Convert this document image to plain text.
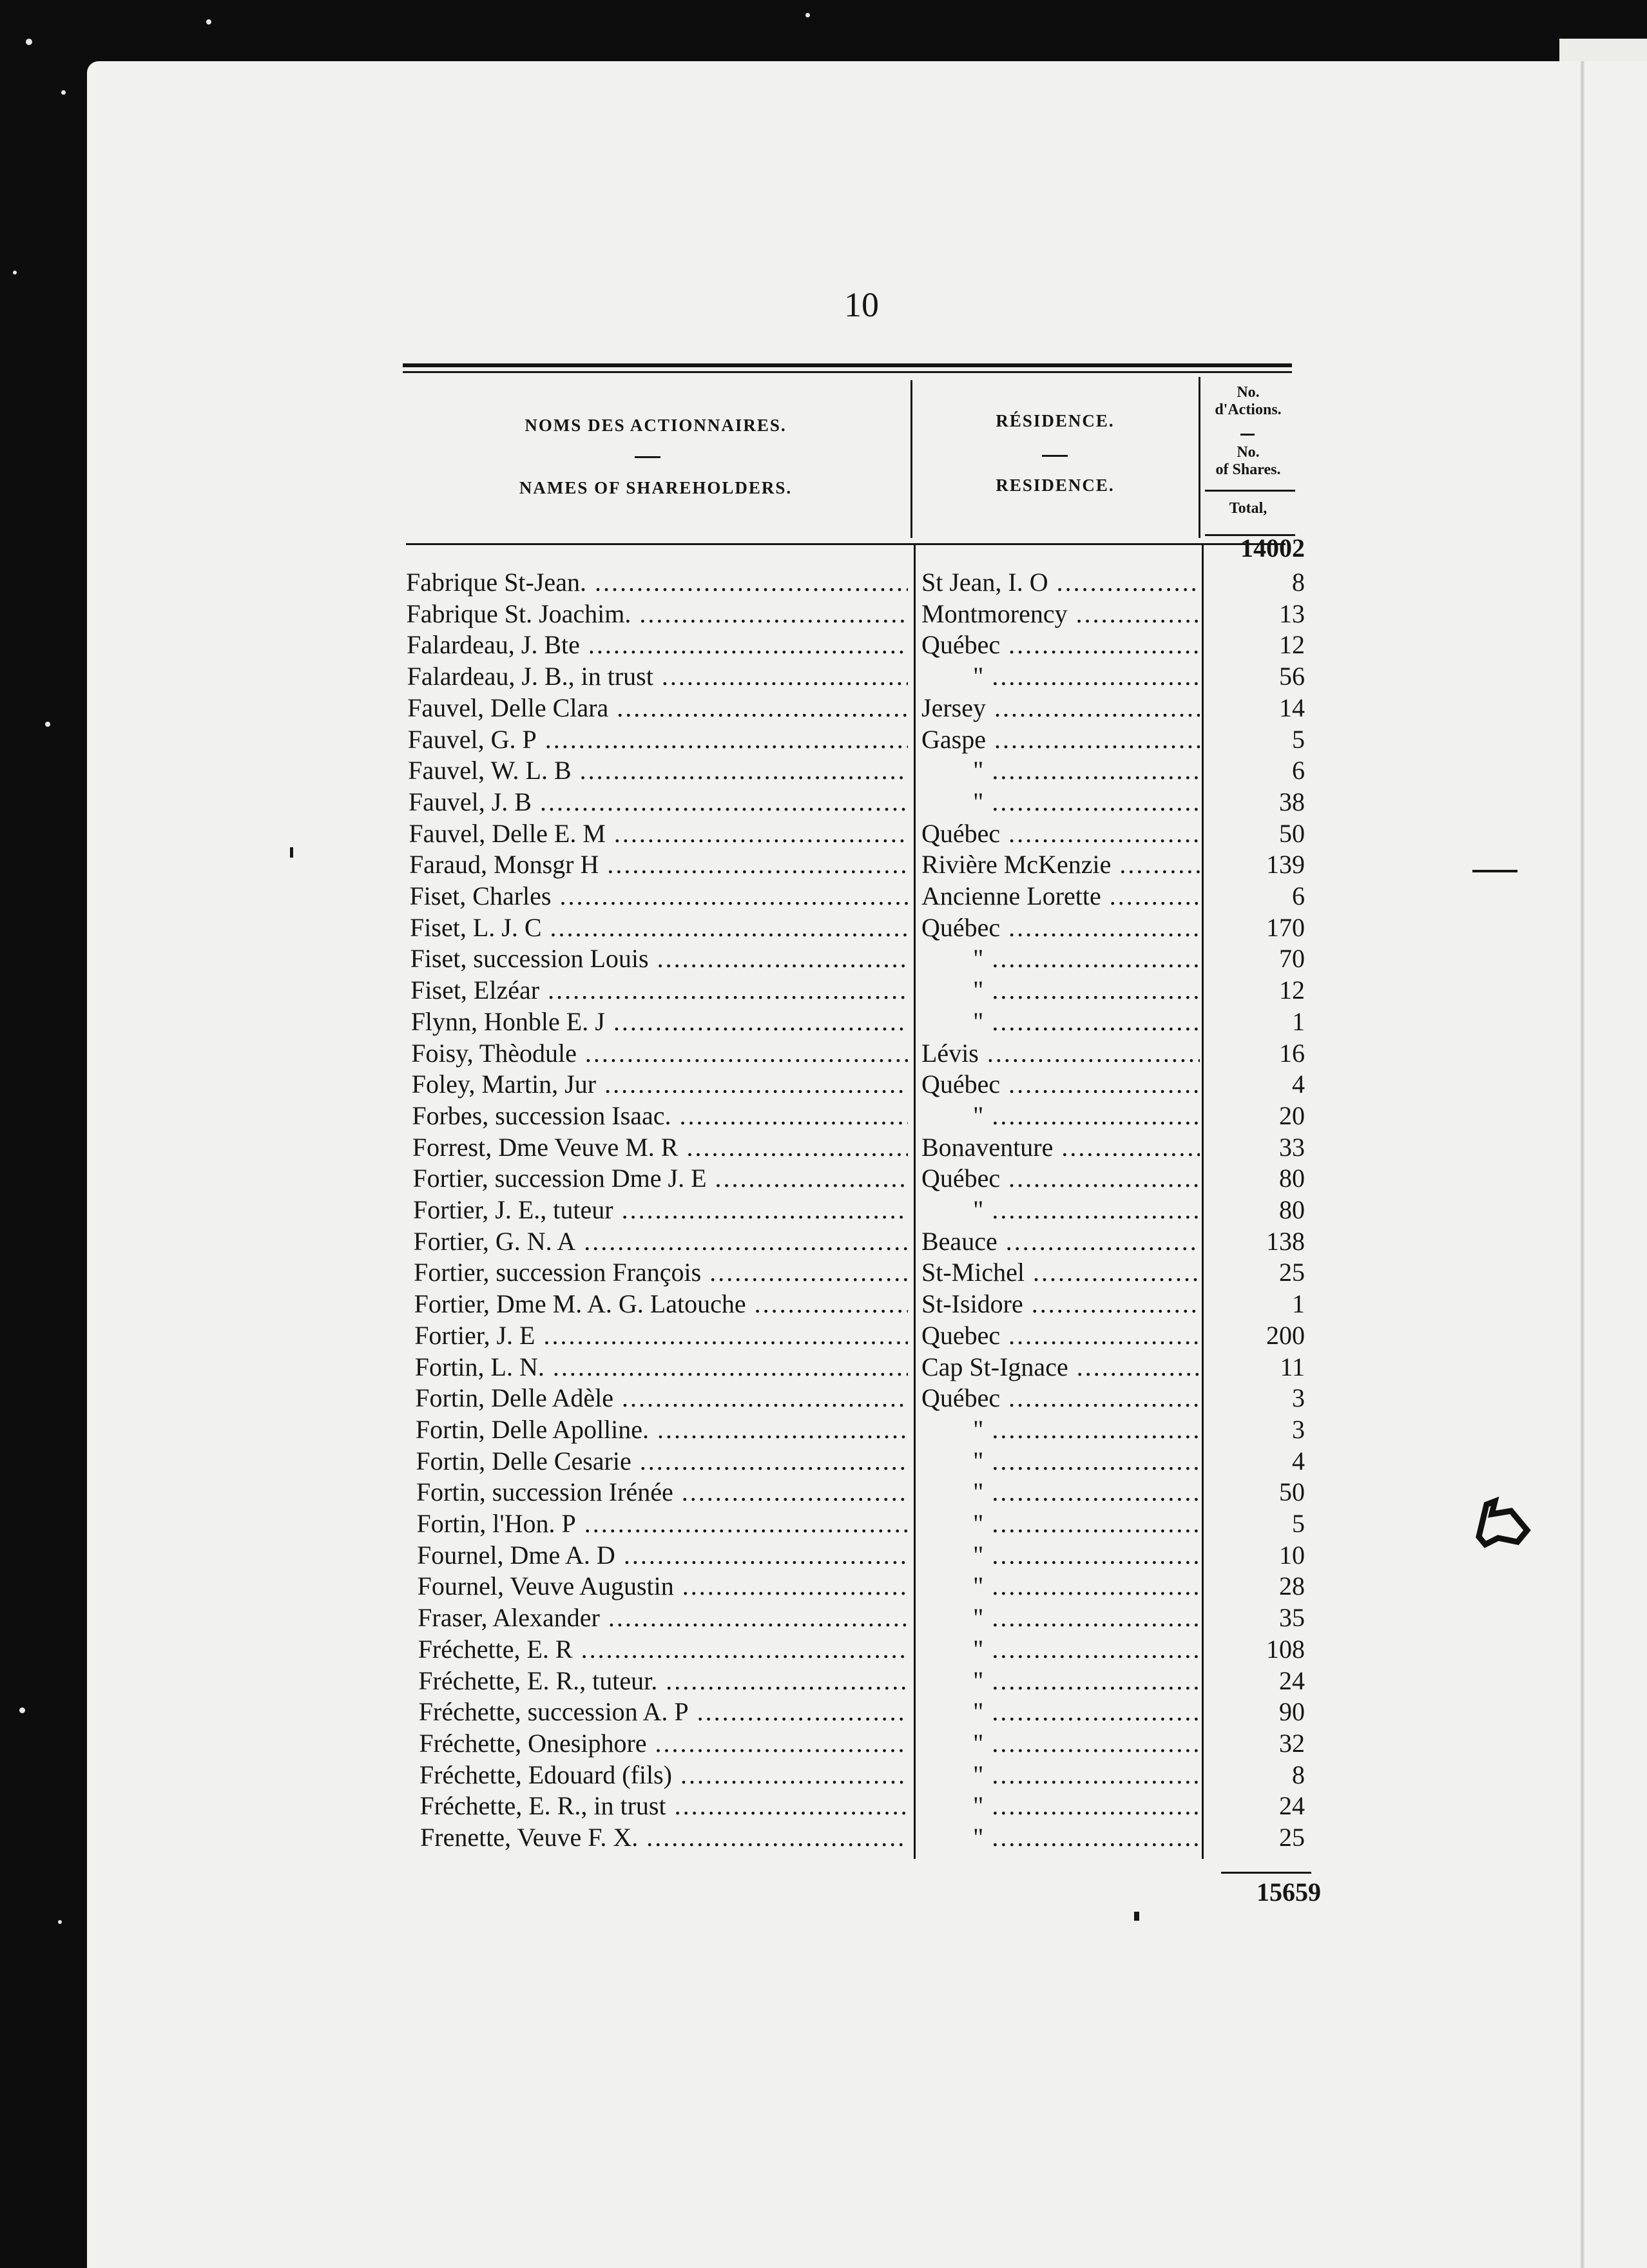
NOMS DES ACTIONNAIRES.
NAMES OF SHAREHOLDERS.
RÉSIDENCE.
RESIDENCE.
No.
d'Actions.
No.
of Shares.
Total,
14002
Fabrique St-Jean. .....	St Jean, I. O .....	8
Fabrique St. Joachim. .....	Montmorency .....	13
Falardeau, J. Bte .....	Québec .....	12
Falardeau, J. B., in trust .....	" .....	56
Fauvel, Delle Clara .....	Jersey .....	14
Fauvel, G. P .....	Gaspe .....	5
Fauvel, W. L. B .....	" .....	6
Fauvel, J. B .....	" .....	38
Fauvel, Delle E. M .....	Québec .....	50
Faraud, Monsgr H .....	Rivière McKenzie .....	139
Fiset, Charles .....	Ancienne Lorette .....	6
Fiset, L. J. C .....	Québec .....	170
Fiset, succession Louis .....	" .....	70
Fiset, Elzéar .....	" .....	12
Flynn, Honble E. J .....	" .....	1
Foisy, Thèodule .....	Lévis .....	16
Foley, Martin, Jur .....	Québec .....	4
Forbes, succession Isaac. .....	" .....	20
Forrest, Dme Veuve M. R .....	Bonaventure .....	33
Fortier, succession Dme J. E .....	Québec .....	80
Fortier, J. E., tuteur .....	" .....	80
Fortier, G. N. A .....	Beauce .....	138
Fortier, succession François .....	St-Michel .....	25
Fortier, Dme M. A. G. Latouche .....	St-Isidore .....	1
Fortier, J. E .....	Quebec .....	200
Fortin, L. N. .....	Cap St-Ignace .....	11
Fortin, Delle Adèle .....	Québec .....	3
Fortin, Delle Apolline. .....	" .....	3
Fortin, Delle Cesarie .....	" .....	4
Fortin, succession Irénée .....	" .....	50
Fortin, l'Hon. P .....	" .....	5
Fournel, Dme A. D .....	" .....	10
Fournel, Veuve Augustin .....	" .....	28
Fraser, Alexander .....	" .....	35
Fréchette, E. R .....	" .....	108
Fréchette, E. R., tuteur. .....	" .....	24
Fréchette, succession A. P .....	" .....	90
Fréchette, Onesiphore .....	" .....	32
Fréchette, Edouard (fils) .....	" .....	8
Fréchette, E. R., in trust .....	" .....	24
Frenette, Veuve F. X. .....	" .....	25
15659
